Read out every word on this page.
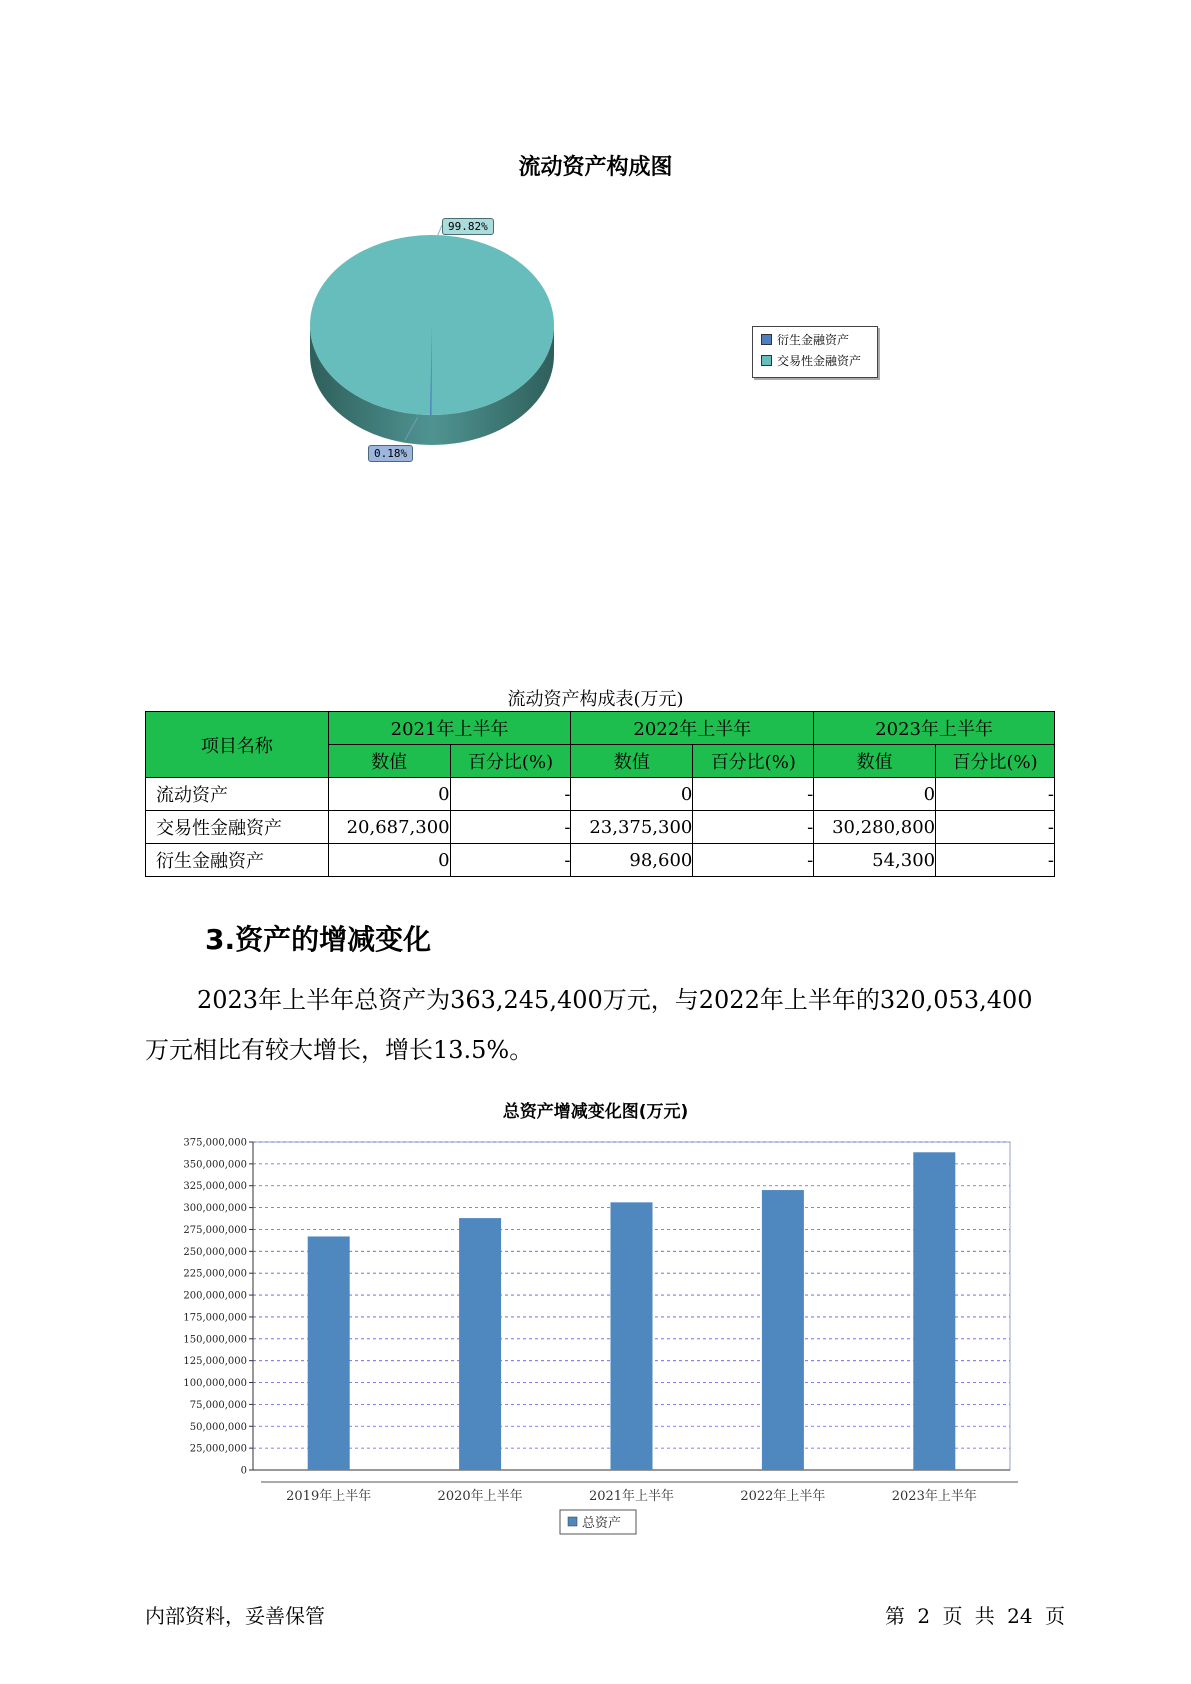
流动资产构成图
99.82%
0.18%
衍生金融资产
交易性金融资产
流动资产构成表(万元)
项目名称	2021年上半年		2022年上半年		2023年上半年	
	数值	百分比(%)	数值	百分比(%)	数值	百分比(%)
流动资产	0	-	0	-	0	-
交易性金融资产	20,687,300	-	23,375,300	-	30,280,800	-
衍生金融资产	0	-	98,600	-	54,300	-
3.资产的增减变化
2023年上半年总资产为363,245,400万元，与2022年上半年的320,053,400万元相比有较大增长，增长13.5%。
总资产增减变化图(万元)
0
25,000,000
50,000,000
75,000,000
100,000,000
125,000,000
150,000,000
175,000,000
200,000,000
225,000,000
250,000,000
275,000,000
300,000,000
325,000,000
350,000,000
375,000,000
2019年上半年	2020年上半年	2021年上半年	2022年上半年	2023年上半年
总资产
内部资料，妥善保管	第 2 页 共 24 页
